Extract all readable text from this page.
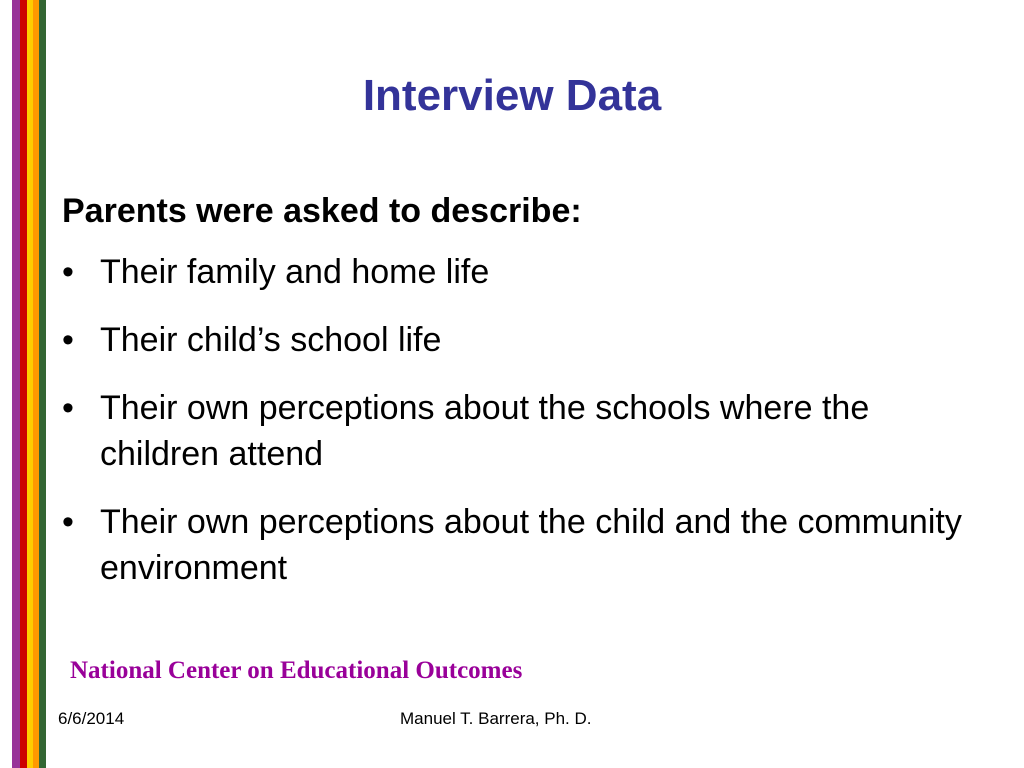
Interview Data
Parents were asked to describe:
• Their family and home life
• Their child’s school life
• Their own perceptions about the schools where the children attend
• Their own perceptions about the child and the community environment
National Center on Educational Outcomes
6/6/2014	Manuel T. Barrera, Ph. D.
